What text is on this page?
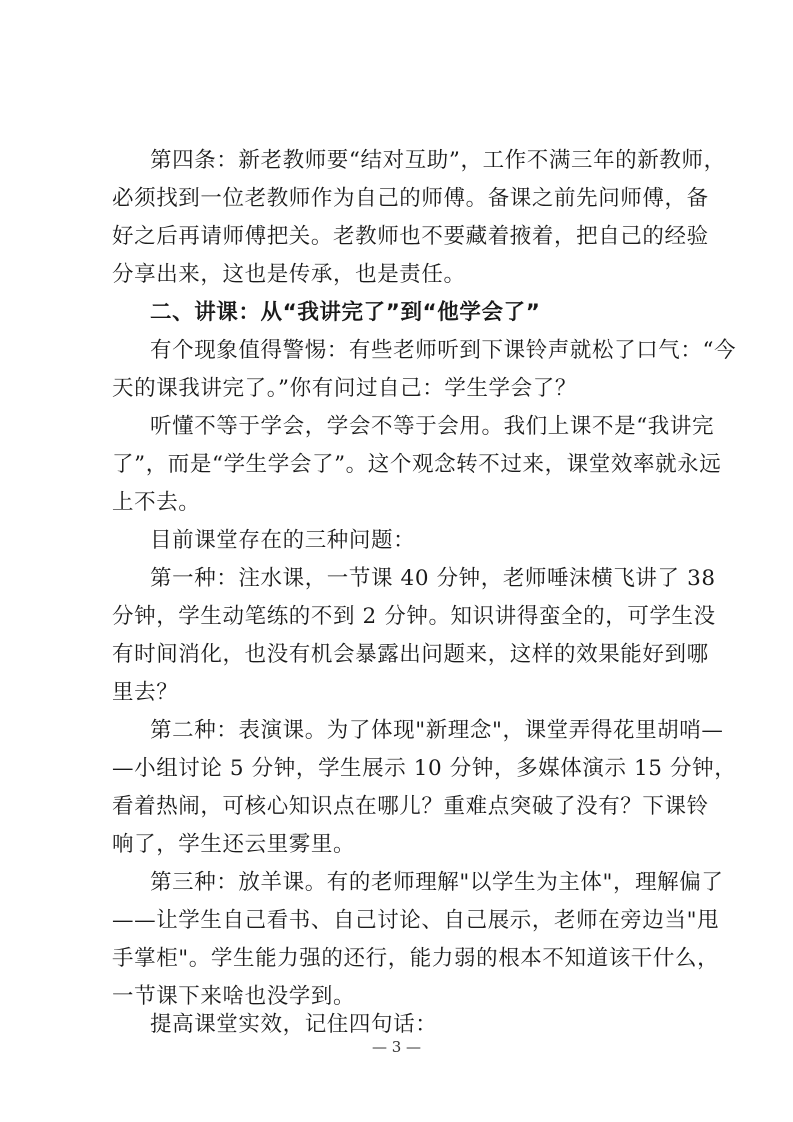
第四条：新老教师要“结对互助”，工作不满三年的新教师，
必须找到一位老教师作为自己的师傅。备课之前先问师傅，备
好之后再请师傅把关。老教师也不要藏着掖着，把自己的经验
分享出来，这也是传承，也是责任。
二、讲课：从“我讲完了”到“他学会了”
有个现象值得警惕：有些老师听到下课铃声就松了口气：“今
天的课我讲完了。”你有问过自己：学生学会了？
听懂不等于学会，学会不等于会用。我们上课不是“我讲完
了”，而是“学生学会了”。这个观念转不过来，课堂效率就永远
上不去。
目前课堂存在的三种问题：
第一种：注水课，一节课 40 分钟，老师唾沫横飞讲了 38
分钟，学生动笔练的不到 2 分钟。知识讲得蛮全的，可学生没
有时间消化，也没有机会暴露出问题来，这样的效果能好到哪
里去？
第二种：表演课。为了体现"新理念"，课堂弄得花里胡哨—
—小组讨论 5 分钟，学生展示 10 分钟，多媒体演示 15 分钟，
看着热闹，可核心知识点在哪儿？重难点突破了没有？下课铃
响了，学生还云里雾里。
第三种：放羊课。有的老师理解"以学生为主体"，理解偏了
——让学生自己看书、自己讨论、自己展示，老师在旁边当"甩
手掌柜"。学生能力强的还行，能力弱的根本不知道该干什么，
一节课下来啥也没学到。
— 3 —
提高课堂实效，记住四句话：
